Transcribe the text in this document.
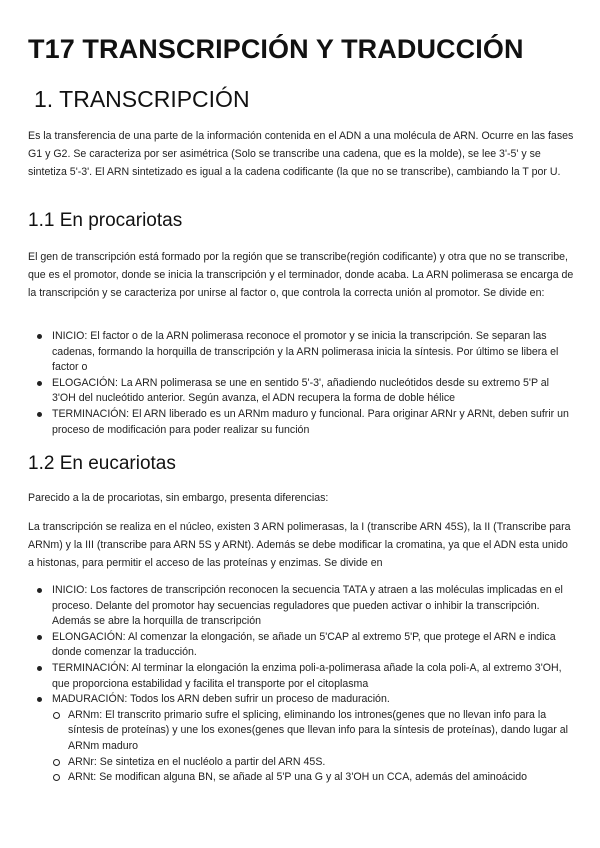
T17 TRANSCRIPCIÓN Y TRADUCCIÓN
1. TRANSCRIPCIÓN

Es la transferencia de una parte de la información contenida en el ADN a una molécula de ARN. Ocurre en las fases G1 y G2. Se caracteriza por ser asimétrica (Solo se transcribe una cadena, que es la molde), se lee 3'-5' y se sintetiza 5'-3'. El ARN sintetizado es igual a la cadena codificante (la que no se transcribe), cambiando la T por U.

1.1 En procariotas

El gen de transcripción está formado por la región que se transcribe(región codificante) y otra que no se transcribe, que es el promotor, donde se inicia la transcripción y el terminador, donde acaba. La ARN polimerasa se encarga de la transcripción y se caracteriza por unirse al factor o, que controla la correcta unión al promotor. Se divide en:

INICIO: El factor o de la ARN polimerasa reconoce el promotor y se inicia la transcripción. Se separan las cadenas, formando la horquilla de transcripción y la ARN polimerasa inicia la síntesis. Por último se libera el factor o
ELOGACIÓN: La ARN polimerasa se une en sentido 5'-3', añadiendo nucleótidos desde su extremo 5'P al 3'OH del nucleótido anterior. Según avanza, el ADN recupera la forma de doble hélice
TERMINACIÓN: El ARN liberado es un ARNm maduro y funcional. Para originar ARNr y ARNt, deben sufrir un proceso de modificación para poder realizar su función
1.2 En eucariotas

Parecido a la de procariotas, sin embargo, presenta diferencias:

La transcripción se realiza en el núcleo, existen 3 ARN polimerasas, la I (transcribe ARN 45S), la II (Transcribe para ARNm) y la III (transcribe para ARN 5S y ARNt). Además se debe modificar la cromatina, ya que el ADN esta unido a histonas, para permitir el acceso de las proteínas y enzimas. Se divide en

INICIO: Los factores de transcripción reconocen la secuencia TATA y atraen a las moléculas implicadas en el proceso. Delante del promotor hay secuencias reguladores que pueden activar o inhibir la transcripción. Además se abre la horquilla de transcripción
ELONGACIÓN: Al comenzar la elongación, se añade un 5'CAP al extremo 5'P, que protege el ARN e indica donde comenzar la traducción.
TERMINACIÓN: Al terminar la elongación la enzima poli-a-polimerasa añade la cola poli-A, al extremo 3'OH, que proporciona estabilidad y facilita el transporte por el citoplasma
MADURACIÓN: Todos los ARN deben sufrir un proceso de maduración.
ARNm: El transcrito primario sufre el splicing, eliminando los intrones(genes que no llevan info para la síntesis de proteínas) y une los exones(genes que llevan info para la síntesis de proteínas), dando lugar al ARNm maduro
ARNr: Se sintetiza en el nucléolo a partir del ARN 45S.
ARNt: Se modifican alguna BN, se añade al 5'P una G y al 3'OH un CCA, además del aminoácido
